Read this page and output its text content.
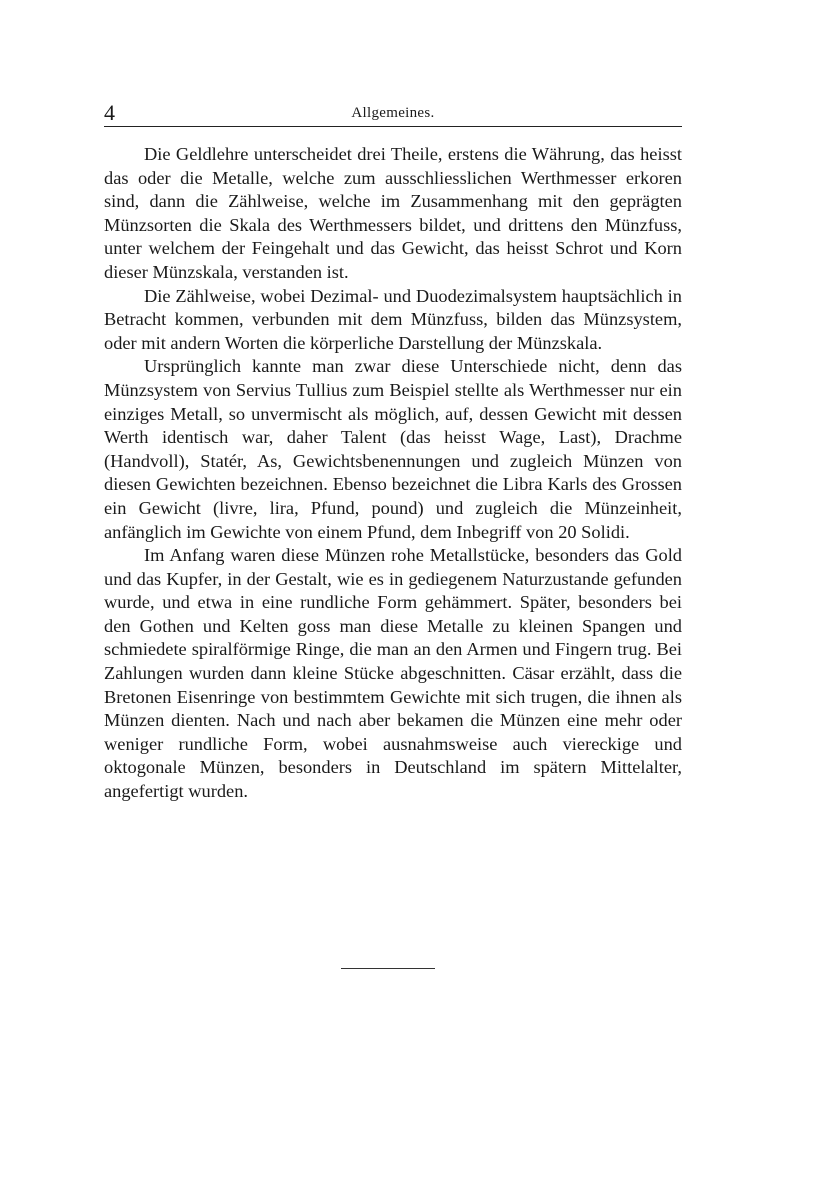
4	Allgemeines.

Die Geldlehre unterscheidet drei Theile, erstens die Währung, das heisst das oder die Metalle, welche zum ausschliesslichen Werthmesser erkoren sind, dann die Zählweise, welche im Zusammenhang mit den geprägten Münzsorten die Skala des Werthmessers bildet, und drittens den Münzfuss, unter welchem der Feingehalt und das Gewicht, das heisst Schrot und Korn dieser Münzskala, verstanden ist.

Die Zählweise, wobei Dezimal- und Duodezimalsystem hauptsächlich in Betracht kommen, verbunden mit dem Münzfuss, bilden das Münzsystem, oder mit andern Worten die körperliche Darstellung der Münzskala.

Ursprünglich kannte man zwar diese Unterschiede nicht, denn das Münzsystem von Servius Tullius zum Beispiel stellte als Werthmesser nur ein einziges Metall, so unvermischt als möglich, auf, dessen Gewicht mit dessen Werth identisch war, daher Talent (das heisst Wage, Last), Drachme (Handvoll), Statér, As, Gewichtsbenennungen und zugleich Münzen von diesen Gewichten bezeichnen. Ebenso bezeichnet die Libra Karls des Grossen ein Gewicht (livre, lira, Pfund, pound) und zugleich die Münzeinheit, anfänglich im Gewichte von einem Pfund, dem Inbegriff von 20 Solidi.

Im Anfang waren diese Münzen rohe Metallstücke, besonders das Gold und das Kupfer, in der Gestalt, wie es in gediegenem Naturzustande gefunden wurde, und etwa in eine rundliche Form gehämmert. Später, besonders bei den Gothen und Kelten goss man diese Metalle zu kleinen Spangen und schmiedete spiralförmige Ringe, die man an den Armen und Fingern trug. Bei Zahlungen wurden dann kleine Stücke abgeschnitten. Cäsar erzählt, dass die Bretonen Eisenringe von bestimmtem Gewichte mit sich trugen, die ihnen als Münzen dienten. Nach und nach aber bekamen die Münzen eine mehr oder weniger rundliche Form, wobei ausnahmsweise auch viereckige und oktogonale Münzen, besonders in Deutschland im spätern Mittelalter, angefertigt wurden.
